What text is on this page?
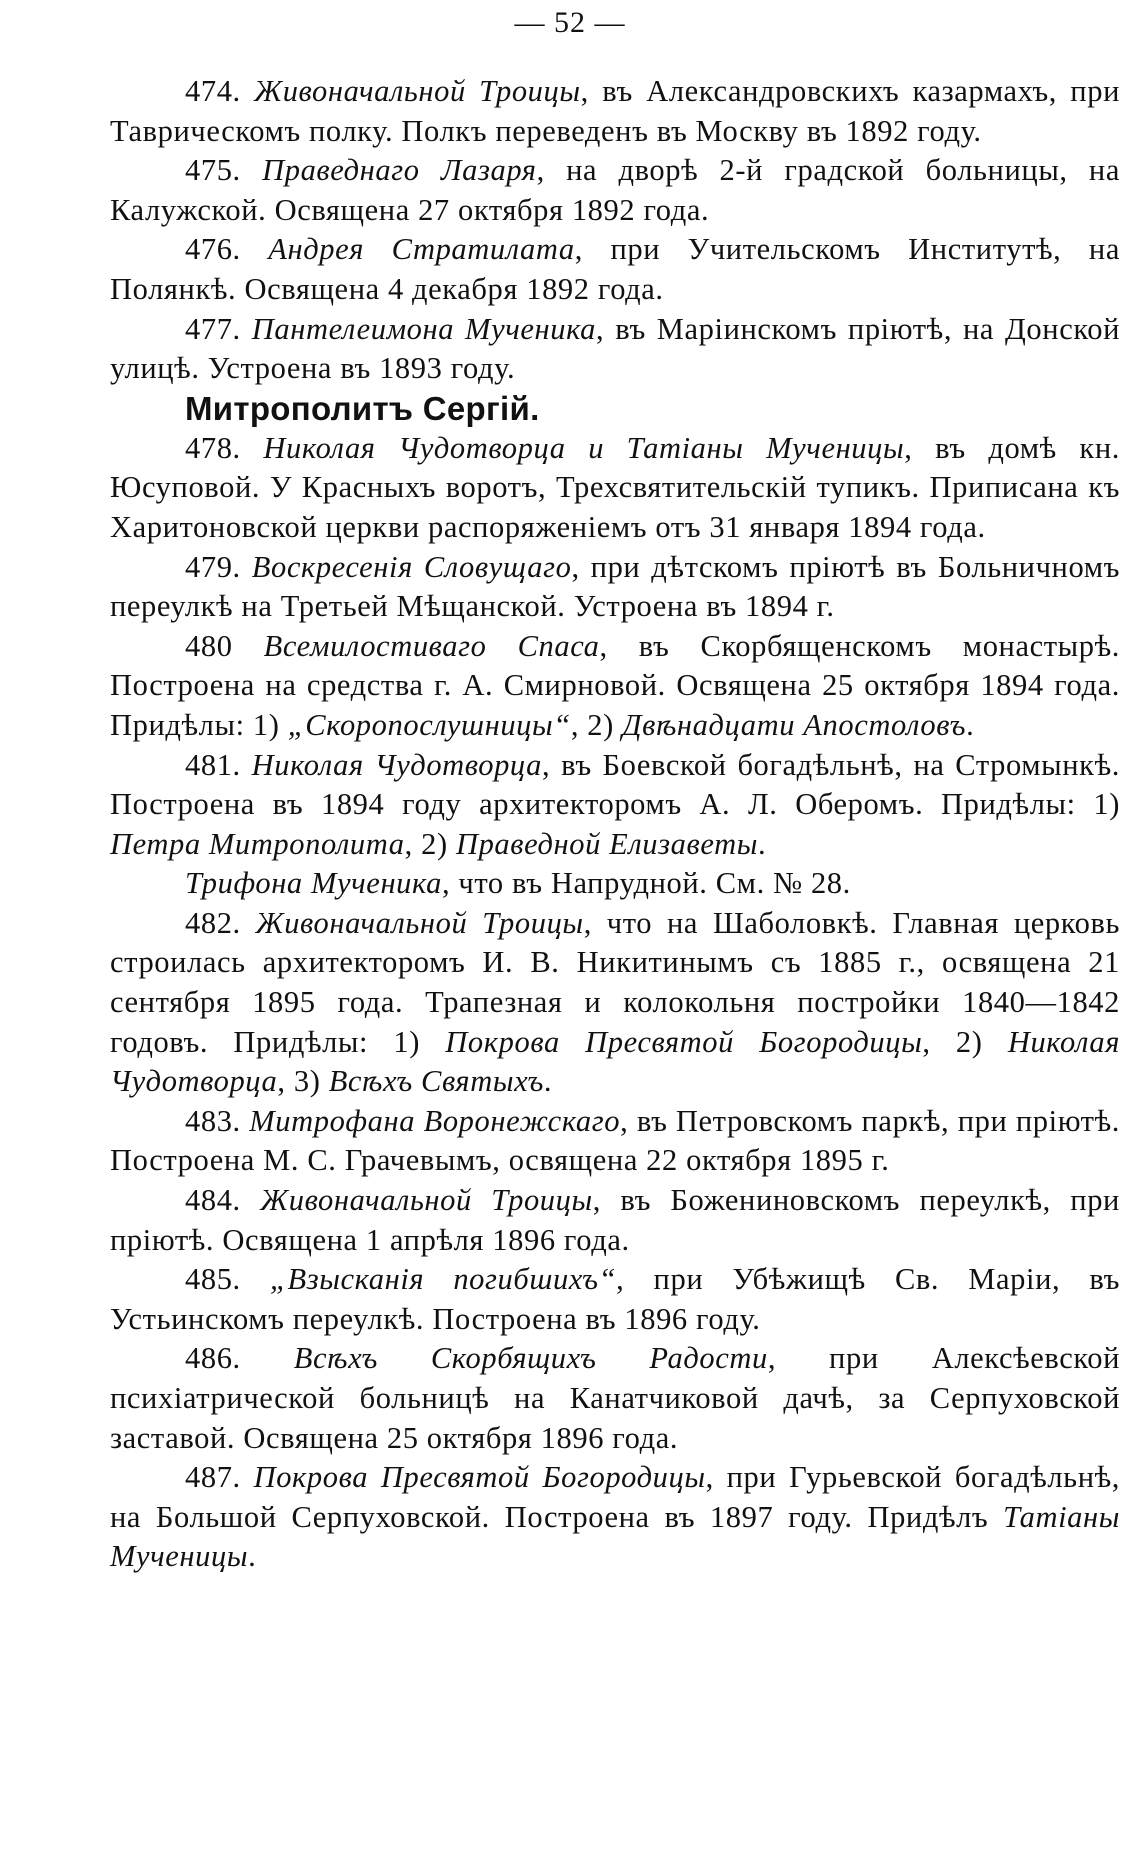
— 52 —

474. Живоначальной Троицы, въ Александровскихъ казармахъ, при Таврическомъ полку. Полкъ переведенъ въ Москву въ 1892 году.

475. Праведнаго Лазаря, на дворѣ 2-й градской больницы, на Калужской. Освящена 27 октября 1892 года.

476. Андрея Стратилата, при Учительскомъ Институтѣ, на Полянкѣ. Освящена 4 декабря 1892 года.

477. Пантелеимона Мученика, въ Маріинскомъ пріютѣ, на Донской улицѣ. Устроена въ 1893 году.

Митрополитъ Сергій.

478. Николая Чудотворца и Татіаны Мученицы, въ домѣ кн. Юсуповой. У Красныхъ воротъ, Трехсвятительскій тупикъ. Приписана къ Харитоновской церкви распоряженіемъ отъ 31 января 1894 года.

479. Воскресенія Словущаго, при дѣтскомъ пріютѣ въ Больничномъ переулкѣ на Третьей Мѣщанской. Устроена въ 1894 г.

480 Всемилостиваго Спаса, въ Скорбященскомъ монастырѣ. Построена на средства г. А. Смирновой. Освящена 25 октября 1894 года. Придѣлы: 1) „Скоропослушницы“, 2) Двѣнадцати Апостоловъ.

481. Николая Чудотворца, въ Боевской богадѣльнѣ, на Стромынкѣ. Построена въ 1894 году архитекторомъ А. Л. Оберомъ. Придѣлы: 1) Петра Митрополита, 2) Праведной Елизаветы.

Трифона Мученика, что въ Напрудной. См. № 28.

482. Живоначальной Троицы, что на Шаболовкѣ. Главная церковь строилась архитекторомъ И. В. Никитинымъ съ 1885 г., освящена 21 сентября 1895 года. Трапезная и колокольня постройки 1840—1842 годовъ. Придѣлы: 1) Покрова Пресвятой Богородицы, 2) Николая Чудотворца, 3) Всѣхъ Святыхъ.

483. Митрофана Воронежскаго, въ Петровскомъ паркѣ, при пріютѣ. Построена М. С. Грачевымъ, освящена 22 октября 1895 г.

484. Живоначальной Троицы, въ Боженинoвскомъ переулкѣ, при пріютѣ. Освящена 1 апрѣля 1896 года.

485. „Взысканія погибшихъ“, при Убѣжищѣ Св. Маріи, въ Устьинскомъ переулкѣ. Построена въ 1896 году.

486. Всѣхъ Скорбящихъ Радости, при Алексѣевской психіатрической больницѣ на Канатчиковой дачѣ, за Серпуховской заставой. Освящена 25 октября 1896 года.

487. Покрова Пресвятой Богородицы, при Гурьевской богадѣльнѣ, на Большой Серпуховской. Построена въ 1897 году. Придѣлъ Татіаны Мученицы.
